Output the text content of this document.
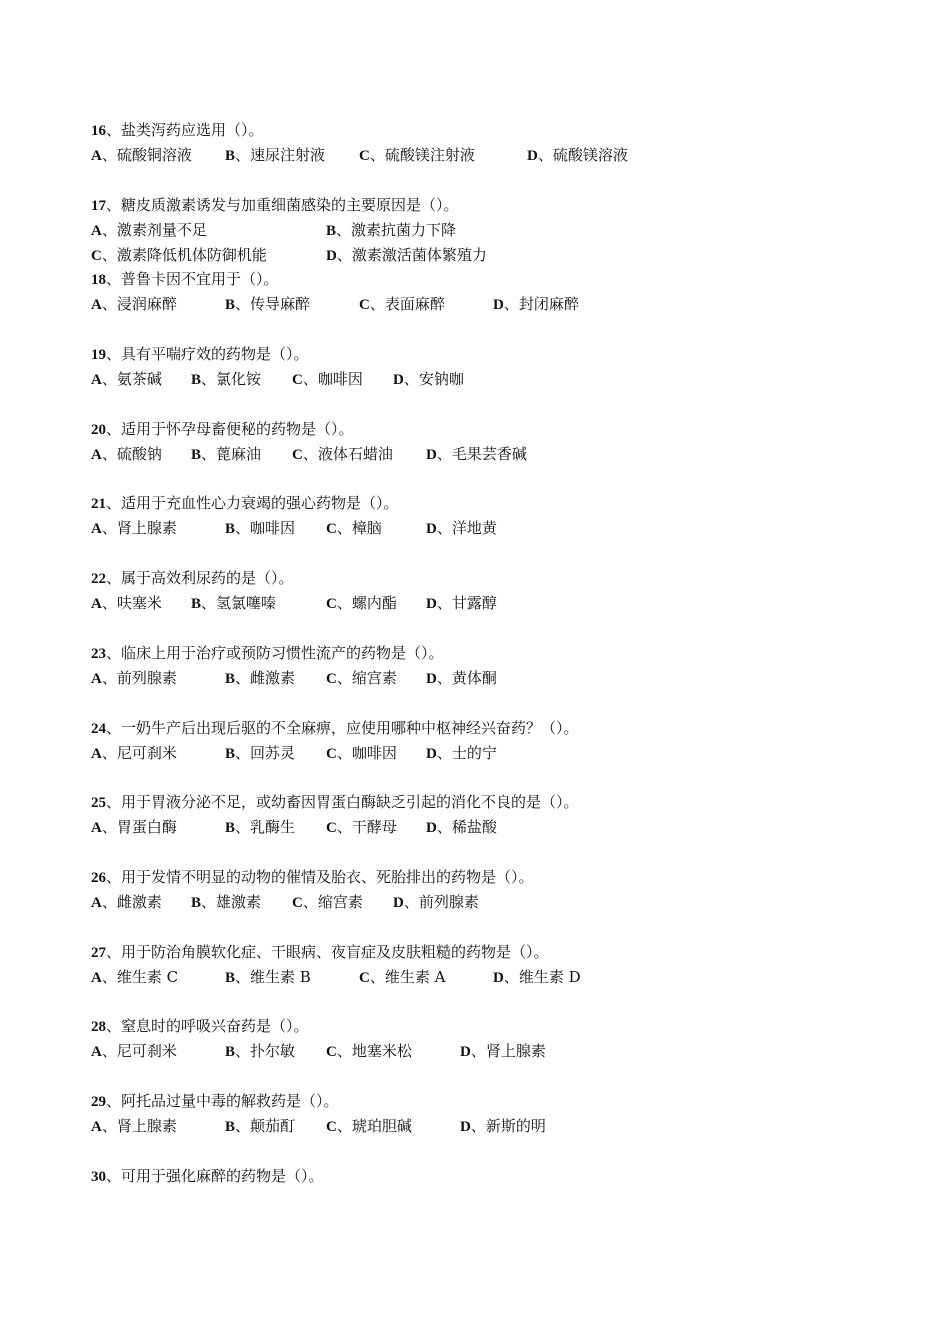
16、盐类泻药应选用（）。
A、硫酸铜溶液 B、速尿注射液 C、硫酸镁注射液	D、硫酸镁溶液
17、糖皮质激素诱发与加重细菌感染的主要原因是（）。
A、激素剂量不足	B、激素抗菌力下降
C、激素降低机体防御机能	D、激素激活菌体繁殖力
18、普鲁卡因不宜用于（）。
A、浸润麻醉	B、传导麻醉	C、表面麻醉	D、封闭麻醉
19、具有平喘疗效的药物是（）。
A、氨茶碱 B、氯化铵 C、咖啡因 D、安钠咖
20、适用于怀孕母畜便秘的药物是（）。
A、硫酸钠 B、蓖麻油 C、液体石蜡油 D、毛果芸香碱
21、适用于充血性心力衰竭的强心药物是（）。
A、肾上腺素	B、咖啡因 C、樟脑	D、洋地黄
22、属于高效利尿药的是（）。
A、呋塞米 B、氢氯噻嗪	C、螺内酯 D、甘露醇
23、临床上用于治疗或预防习惯性流产的药物是（）。
A、前列腺素	B、雌激素 C、缩宫素 D、黄体酮
24、一奶牛产后出现后驱的不全麻痹，应使用哪种中枢神经兴奋药？（）。
A、尼可刹米	B、回苏灵 C、咖啡因 D、士的宁
25、用于胃液分泌不足，或幼畜因胃蛋白酶缺乏引起的消化不良的是（）。
A、胃蛋白酶	B、乳酶生 C、干酵母 D、稀盐酸
26、用于发情不明显的动物的催情及胎衣、死胎排出的药物是（）。
A、雌激素 B、雄激素 C、缩宫素 D、前列腺素
27、用于防治角膜软化症、干眼病、夜盲症及皮肤粗糙的药物是（）。
A、维生素 C	B、维生素 B	C、维生素 A	D、维生素 D
28、窒息时的呼吸兴奋药是（）。
A、尼可刹米	B、扑尔敏 C、地塞米松	D、肾上腺素
29、阿托品过量中毒的解救药是（）。
A、肾上腺素	B、颠茄酊 C、琥珀胆碱	D、新斯的明
30、可用于强化麻醉的药物是（）。
